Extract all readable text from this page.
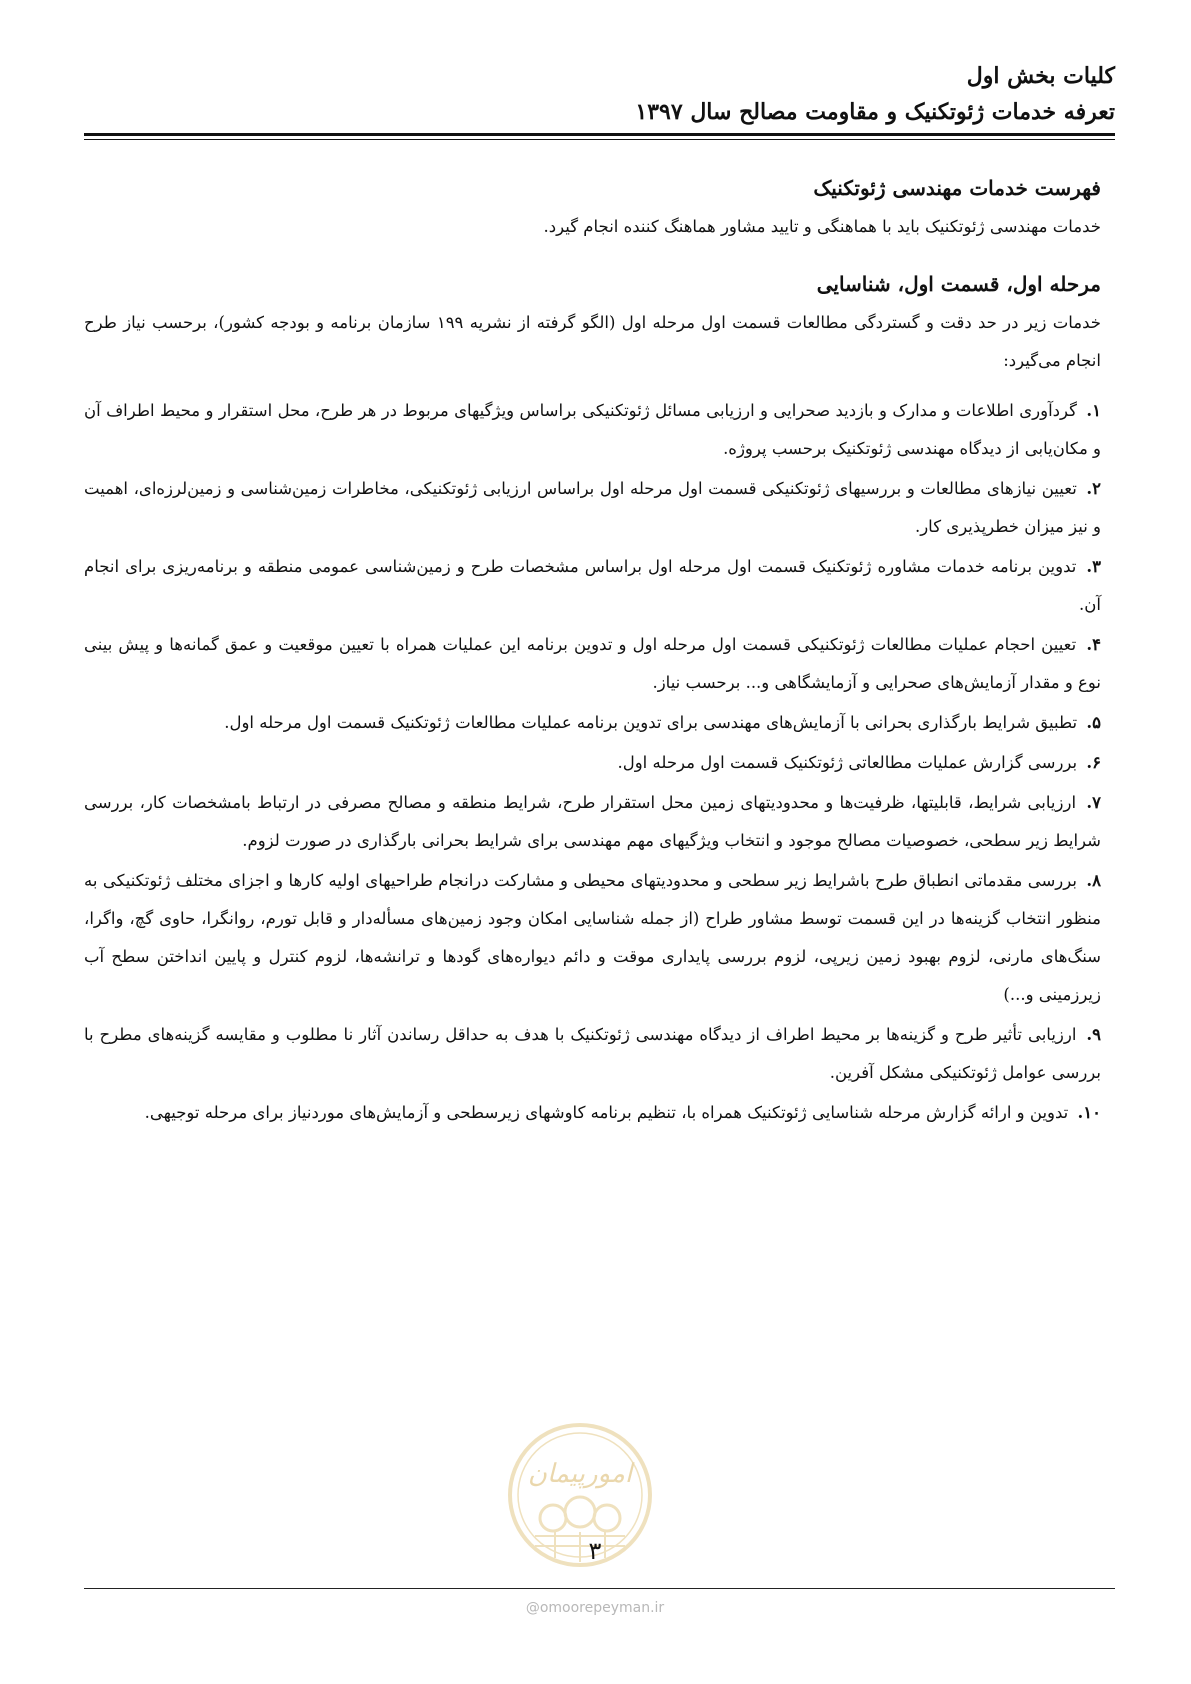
کلیات بخش اول
تعرفه خدمات ژئوتکنیک و مقاومت مصالح سال ۱۳۹۷
فهرست خدمات مهندسی ژئوتکنیک

خدمات مهندسی ژئوتکنیک باید با هماهنگی و تایید مشاور هماهنگ کننده انجام گیرد.

مرحله اول، قسمت اول، شناسایی

خدمات زیر در حد دقت و گستردگی مطالعات قسمت اول مرحله اول (الگو گرفته از نشریه ۱۹۹ سازمان برنامه و بودجه کشور)، برحسب نیاز طرح انجام می‌گیرد:

۱. گردآوری اطلاعات و مدارک و بازدید صحرایی و ارزیابی مسائل ژئوتکنیکی براساس ویژگیهای مربوط در هر طرح، محل استقرار و محیط اطراف آن و مکان‌یابی از دیدگاه مهندسی ژئوتکنیک برحسب پروژه.
۲. تعیین نیازهای مطالعات و بررسیهای ژئوتکنیکی قسمت اول مرحله اول براساس ارزیابی ژئوتکنیکی، مخاطرات زمین‌شناسی و زمین‌لرزه‌ای، اهمیت و نیز میزان خطرپذیری کار.
۳. تدوین برنامه خدمات مشاوره ژئوتکنیک قسمت اول مرحله اول براساس مشخصات طرح و زمین‌شناسی عمومی منطقه و برنامه‌ریزی برای انجام آن.
۴. تعیین احجام عملیات مطالعات ژئوتکنیکی قسمت اول مرحله اول و تدوین برنامه این عملیات همراه با تعیین موقعیت و عمق گمانه‌ها و پیش بینی نوع و مقدار آزمایش‌های صحرایی و آزمایشگاهی و... برحسب نیاز.
۵. تطبیق شرایط بارگذاری بحرانی با آزمایش‌های مهندسی برای تدوین برنامه عملیات مطالعات ژئوتکنیک قسمت اول مرحله اول.
۶. بررسی گزارش عملیات مطالعاتی ژئوتکنیک قسمت اول مرحله اول.
۷. ارزیابی شرایط، قابلیتها، ظرفیت‌ها و محدودیتهای زمین محل استقرار طرح، شرایط منطقه و مصالح مصرفی در ارتباط بامشخصات کار، بررسی شرایط زیر سطحی، خصوصیات مصالح موجود و انتخاب ویژگیهای مهم مهندسی برای شرایط بحرانی بارگذاری در صورت لزوم.
۸. بررسی مقدماتی انطباق طرح باشرایط زیر سطحی و محدودیتهای محیطی و مشارکت درانجام طراحیهای اولیه کارها و اجزای مختلف ژئوتکنیکی به منظور انتخاب گزینه‌ها در این قسمت توسط مشاور طراح (از جمله شناسایی امکان وجود زمین‌های مسأله‌دار و قابل تورم، روانگرا، حاوی گچ، واگرا، سنگ‌های مارنی، لزوم بهبود زمین زیرپی، لزوم بررسی پایداری موقت و دائم دیواره‌های گودها و ترانشه‌ها، لزوم کنترل و پایین انداختن سطح آب زیرزمینی و...)
۹. ارزیابی تأثیر طرح و گزینه‌ها بر محیط اطراف از دیدگاه مهندسی ژئوتکنیک با هدف به حداقل رساندن آثار نا مطلوب و مقایسه گزینه‌های مطرح با بررسی عوامل ژئوتکنیکی مشکل آفرین.
۱۰. تدوین و ارائه گزارش مرحله شناسایی ژئوتکنیک همراه با، تنظیم برنامه کاوشهای زیرسطحی و آزمایش‌های موردنیاز برای مرحله توجیهی.
امورپیمان
۳
@omoorepeyman.ir
